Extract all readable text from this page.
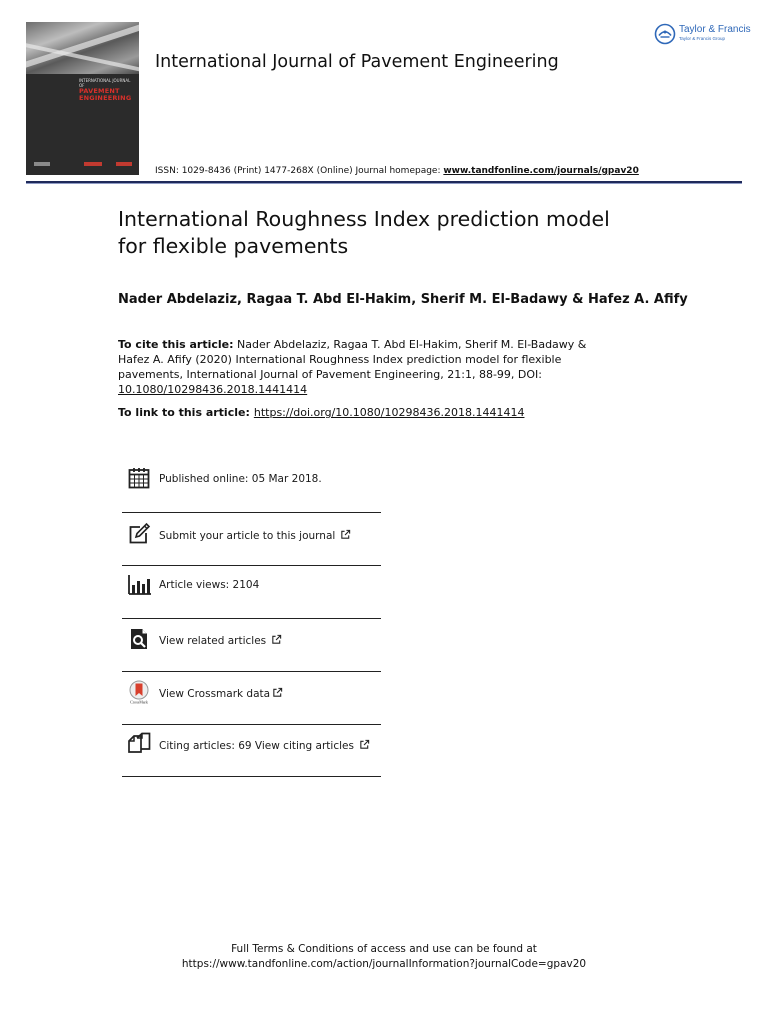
INTERNATIONAL JOURNAL OF
PAVEMENT
ENGINEERING
International Journal of Pavement Engineering
Taylor & Francis
Taylor & Francis Group
ISSN: 1029-8436 (Print) 1477-268X (Online) Journal homepage: www.tandfonline.com/journals/gpav20
International Roughness Index prediction model
for flexible pavements
Nader Abdelaziz, Ragaa T. Abd El-Hakim, Sherif M. El-Badawy & Hafez A. Afify
To cite this article: Nader Abdelaziz, Ragaa T. Abd El-Hakim, Sherif M. El-Badawy & Hafez A. Afify (2020) International Roughness Index prediction model for flexible pavements, International Journal of Pavement Engineering, 21:1, 88-99, DOI: 10.1080/10298436.2018.1441414
To link to this article: https://doi.org/10.1080/10298436.2018.1441414
Published online: 05 Mar 2018.
Submit your article to this journal
Article views: 2104
View related articles
CrossMark
View Crossmark data
Citing articles: 69 View citing articles
Full Terms & Conditions of access and use can be found at
https://www.tandfonline.com/action/journalInformation?journalCode=gpav20
